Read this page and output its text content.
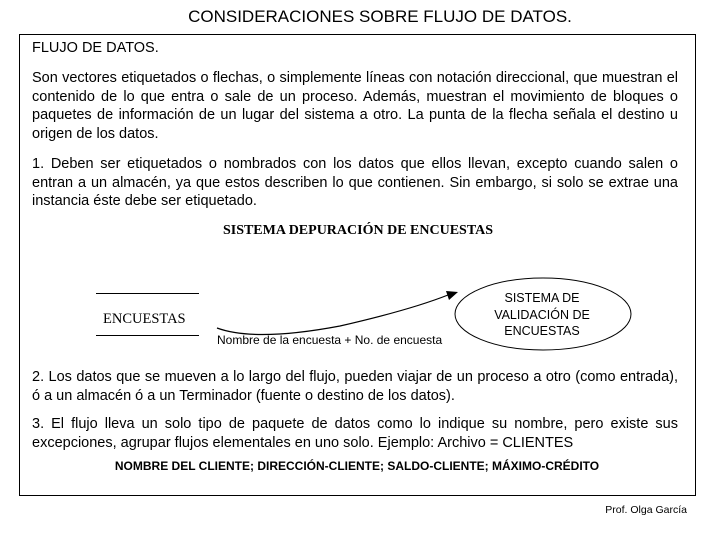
CONSIDERACIONES SOBRE FLUJO DE DATOS.
FLUJO DE DATOS.

Son vectores etiquetados o flechas, o simplemente líneas con notación direccional, que muestran el contenido de lo que entra o sale de un proceso. Además, muestran el movimiento de bloques o paquetes de información de un lugar del sistema a otro. La punta de la flecha señala el destino u origen de los datos.

1. Deben ser etiquetados o nombrados con los datos que ellos llevan, excepto cuando salen o entran a un almacén, ya que estos describen lo que contienen. Sin embargo, si solo se extrae una instancia éste debe ser etiquetado.

SISTEMA DEPURACIÓN DE ENCUESTAS
ENCUESTAS
Nombre de la encuesta + No. de encuesta
SISTEMA DE VALIDACIÓN DE ENCUESTAS

2. Los datos que se mueven a lo largo del flujo, pueden viajar de un proceso a otro (como entrada), ó a un almacén ó a un Terminador (fuente o destino de los datos).

3. El flujo lleva un solo tipo de paquete de datos como lo indique su nombre, pero existe sus excepciones, agrupar flujos elementales en uno solo. Ejemplo: Archivo = CLIENTES

NOMBRE DEL CLIENTE; DIRECCIÓN-CLIENTE; SALDO-CLIENTE; MÁXIMO-CRÉDITO
Prof. Olga García
